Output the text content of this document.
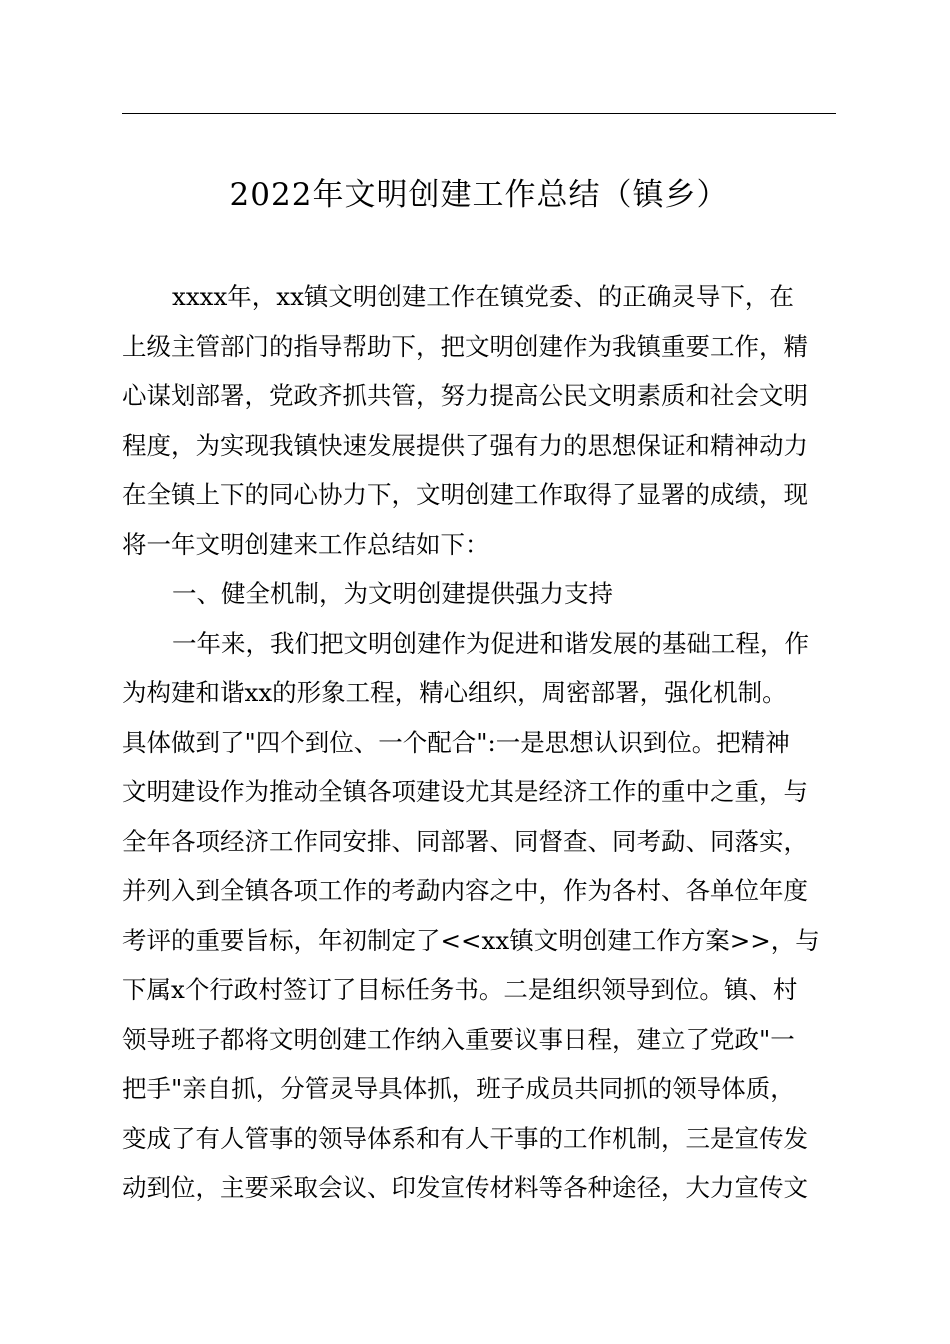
2022年文明创建工作总结（镇乡）
xxxx年，xx镇文明创建工作在镇党委、的正确灵导下，在
上级主管部门的指导帮助下，把文明创建作为我镇重要工作，精
心谋划部署，党政齐抓共管，努力提高公民文明素质和社会文明
程度，为实现我镇快速发展提供了强有力的思想保证和精神动力
在全镇上下的同心协力下，文明创建工作取得了显署的成绩，现
将一年文明创建来工作总结如下：
一、健全机制，为文明创建提供强力支持
一年来，我们把文明创建作为促进和谐发展的基础工程，作
为构建和谐xx的形象工程，精心组织，周密部署，强化机制。
具体做到了"四个到位、一个配合":一是思想认识到位。把精神
文明建设作为推动全镇各项建设尤其是经济工作的重中之重，与
全年各项经济工作同安排、同部署、同督查、同考勐、同落实，
并列入到全镇各项工作的考勐内容之中，作为各村、各单位年度
考评的重要旨标，年初制定了<<xx镇文明创建工作方案>>，与
下属x个行政村签订了目标任务书。二是组织领导到位。镇、村
领导班子都将文明创建工作纳入重要议事日程，建立了党政"一
把手"亲自抓，分管灵导具体抓，班子成员共同抓的领导体质，
变成了有人管事的领导体系和有人干事的工作机制，三是宣传发
动到位，主要采取会议、印发宣传材料等各种途径，大力宣传文
